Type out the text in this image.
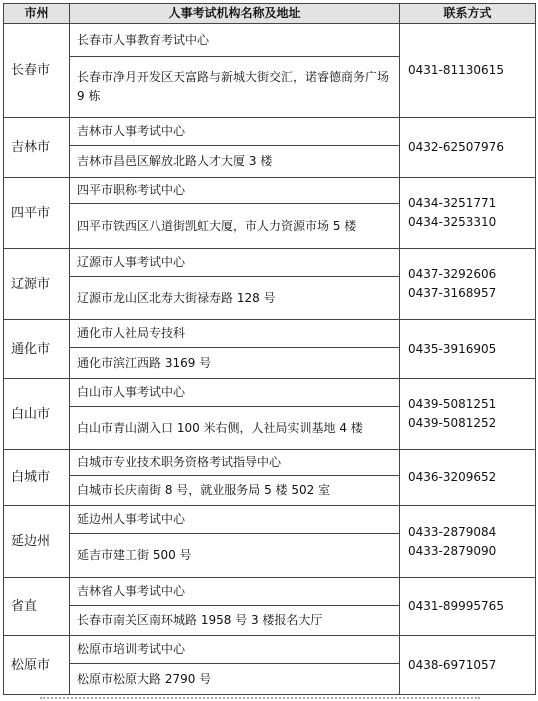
市州	人事考试机构名称及地址	联系方式
长春市	长春市人事教育考试中心	0431-81130615

	长春市净月开发区天富路与新城大街交汇，诺睿德商务广场 9 栋	
吉林市	吉林市人事考试中心	0432-62507976

	吉林市昌邑区解放北路人才大厦 3 楼	
四平市	四平市职称考试中心	0434-3251771
0434-3253310

	四平市铁西区八道街凯虹大厦，市人力资源市场 5 楼	
辽源市	辽源市人事考试中心	0437-3292606
0437-3168957

	辽源市龙山区北寿大街禄寿路 128 号	
通化市	通化市人社局专技科	0435-3916905

	通化市滨江西路 3169 号	
白山市	白山市人事考试中心	0439-5081251
0439-5081252

	白山市青山湖入口 100 米右侧，人社局实训基地 4 楼	
白城市	白城市专业技术职务资格考试指导中心	0436-3209652

	白城市长庆南街 8 号，就业服务局 5 楼 502 室	
延边州	延边州人事考试中心	0433-2879084
0433-2879090

	延吉市建工街 500 号	
省直	吉林省人事考试中心	0431-89995765

	长春市南关区南环城路 1958 号 3 楼报名大厅	
松原市	松原市培训考试中心	0438-6971057

	松原市松原大路 2790 号	
